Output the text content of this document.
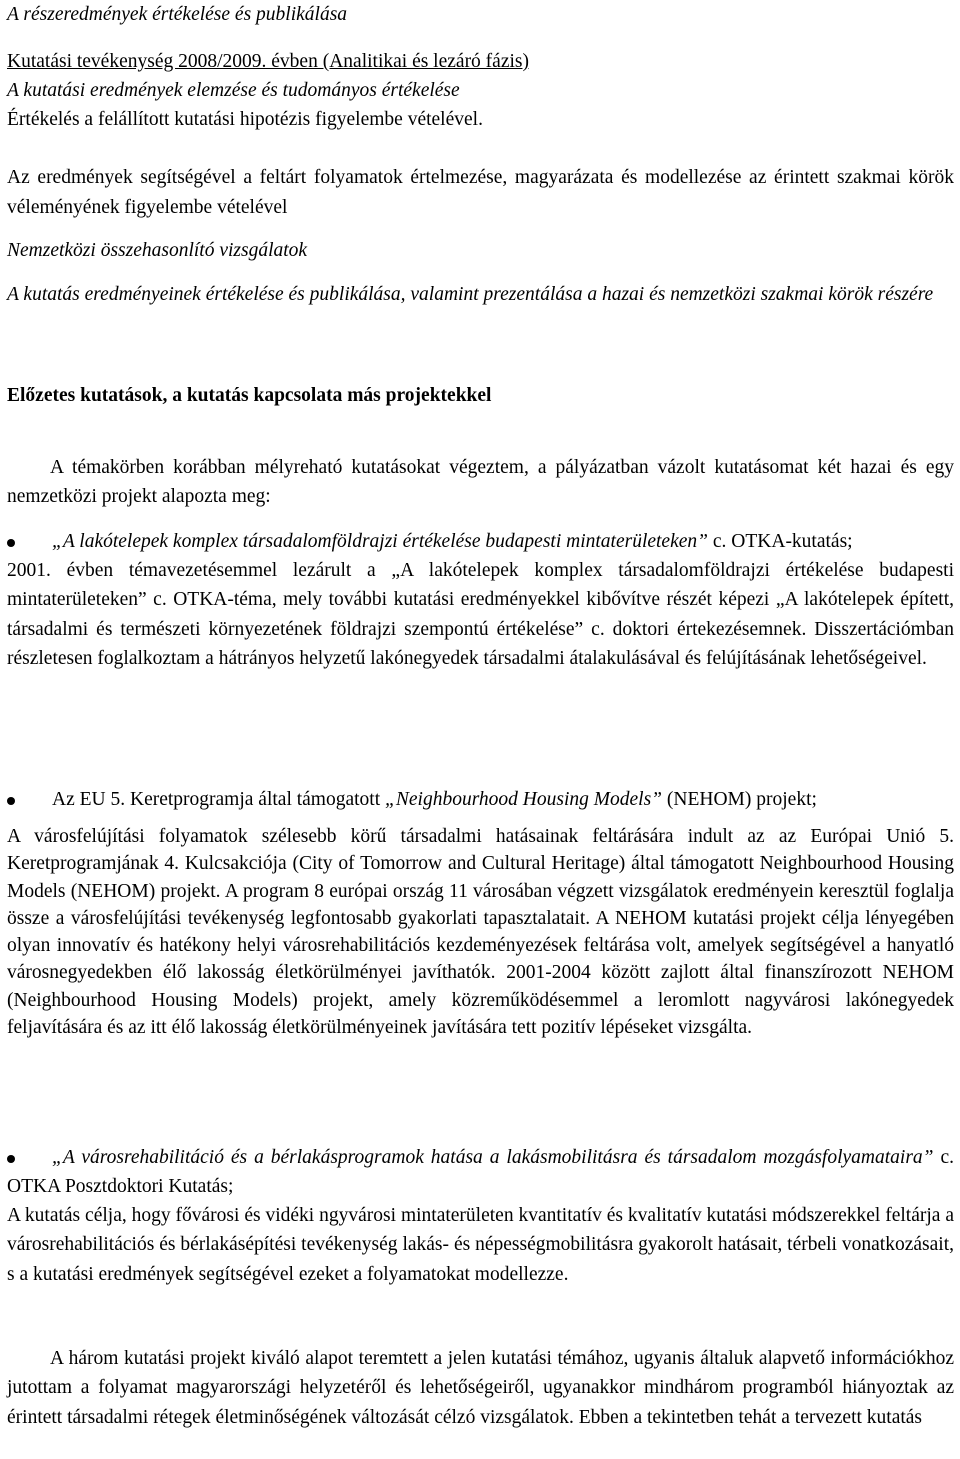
A részeredmények értékelése és publikálása

Kutatási tevékenység 2008/2009. évben (Analitikai és lezáró fázis)

A kutatási eredmények elemzése és tudományos értékelése

Értékelés a felállított kutatási hipotézis figyelembe vételével.

Az eredmények segítségével a feltárt folyamatok értelmezése, magyarázata és modellezése az érintett szakmai körök véleményének figyelembe vételével

Nemzetközi összehasonlító vizsgálatok

A kutatás eredményeinek értékelése és publikálása, valamint prezentálása a hazai és nemzetközi szakmai körök részére

Előzetes kutatások, a kutatás kapcsolata más projektekkel

A témakörben korábban mélyreható kutatásokat végeztem, a pályázatban vázolt kutatásomat két hazai és egy nemzetközi projekt alapozta meg:

„A lakótelepek komplex társadalomföldrajzi értékelése budapesti mintaterületeken” c. OTKA-kutatás;

2001. évben témavezetésemmel lezárult a „A lakótelepek komplex társadalomföldrajzi értékelése budapesti mintaterületeken” c. OTKA-téma, mely további kutatási eredményekkel kibővítve részét képezi „A lakótelepek épített, társadalmi és természeti környezetének földrajzi szempontú értékelése” c. doktori értekezésemnek. Disszertációmban részletesen foglalkoztam a hátrányos helyzetű lakónegyedek társadalmi átalakulásával és felújításának lehetőségeivel.

Az EU 5. Keretprogramja által támogatott „Neighbourhood Housing Models” (NEHOM) projekt;

A városfelújítási folyamatok szélesebb körű társadalmi hatásainak feltárására indult az az Európai Unió 5. Keretprogramjának 4. Kulcsakciója (City of Tomorrow and Cultural Heritage) által támogatott Neighbourhood Housing Models (NEHOM) projekt. A program 8 európai ország 11 városában végzett vizsgálatok eredményein keresztül foglalja össze a városfelújítási tevékenység legfontosabb gyakorlati tapasztalatait. A NEHOM kutatási projekt célja lényegében olyan innovatív és hatékony helyi városrehabilitációs kezdeményezések feltárása volt, amelyek segítségével a hanyatló városnegyedekben élő lakosság életkörülményei javíthatók. 2001-2004 között zajlott által finanszírozott NEHOM (Neighbourhood Housing Models) projekt, amely közreműködésemmel a leromlott nagyvárosi lakónegyedek feljavítására és az itt élő lakosság életkörülményeinek javítására tett pozitív lépéseket vizsgálta.

„A városrehabilitáció és a bérlakásprogramok hatása a lakásmobilitásra és társadalom mozgásfolyamataira” c. OTKA Posztdoktori Kutatás;

A kutatás célja, hogy fővárosi és vidéki ngyvárosi mintaterületen kvantitatív és kvalitatív kutatási módszerekkel feltárja a városrehabilitációs és bérlakásépítési tevékenység lakás- és népességmobilitásra gyakorolt hatásait, térbeli vonatkozásait, s a kutatási eredmények segítségével ezeket a folyamatokat modellezze.

A három kutatási projekt kiváló alapot teremtett a jelen kutatási témához, ugyanis általuk alapvető információkhoz jutottam a folyamat magyarországi helyzetéről és lehetőségeiről, ugyanakkor mindhárom programból hiányoztak az érintett társadalmi rétegek életminőségének változását célzó vizsgálatok. Ebben a tekintetben tehát a tervezett kutatás
